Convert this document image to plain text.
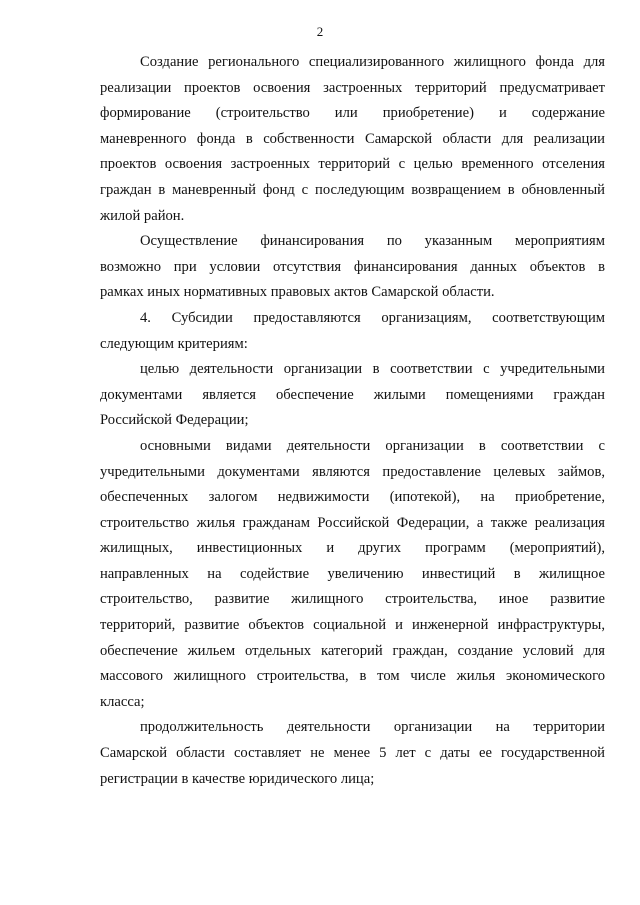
2
Создание регионального специализированного жилищного фонда для
реализации проектов освоения застроенных территорий предусматривает
формирование (строительство или приобретение) и содержание
маневренного фонда в собственности Самарской области для реализации
проектов освоения застроенных территорий с целью временного отселения
граждан в маневренный фонд с последующим возвращением в обновленный
жилой район.
Осуществление финансирования по указанным мероприятиям
возможно при условии отсутствия финансирования данных объектов в
рамках иных нормативных правовых актов Самарской области.
4. Субсидии предоставляются организациям, соответствующим
следующим критериям:
целью деятельности организации в соответствии с учредительными
документами является обеспечение жилыми помещениями граждан
Российской Федерации;
основными видами деятельности организации в соответствии с
учредительными документами являются предоставление целевых займов,
обеспеченных залогом недвижимости (ипотекой), на приобретение,
строительство жилья гражданам Российской Федерации, а также реализация
жилищных, инвестиционных и других программ (мероприятий),
направленных на содействие увеличению инвестиций в жилищное
строительство, развитие жилищного строительства, иное развитие
территорий, развитие объектов социальной и инженерной инфраструктуры,
обеспечение жильем отдельных категорий граждан, создание условий для
массового жилищного строительства, в том числе жилья экономического
класса;
продолжительность деятельности организации на территории
Самарской области составляет не менее 5 лет с даты ее государственной
регистрации в качестве юридического лица;
